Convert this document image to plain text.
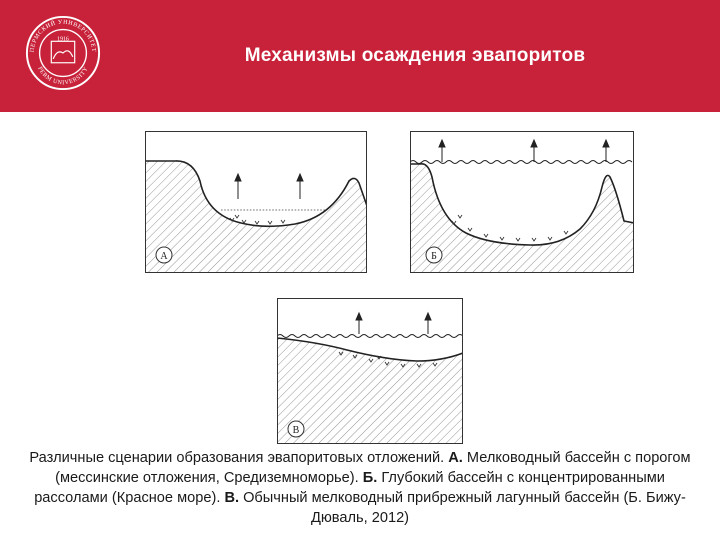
1916
ПЕРМСКИЙ УНИВЕРСИТЕТ
PERM UNIVERSITY
Механизмы осаждения эвапоритов
A	Б
В
Различные сценарии образования эвапоритовых отложений. А. Мелководный бассейн с порогом (мессинские отложения, Средиземноморье). Б. Глубокий бассейн с концентрированными рассолами (Красное море). В. Обычный мелководный прибрежный лагунный бассейн (Б. Бижу-Дюваль, 2012)
